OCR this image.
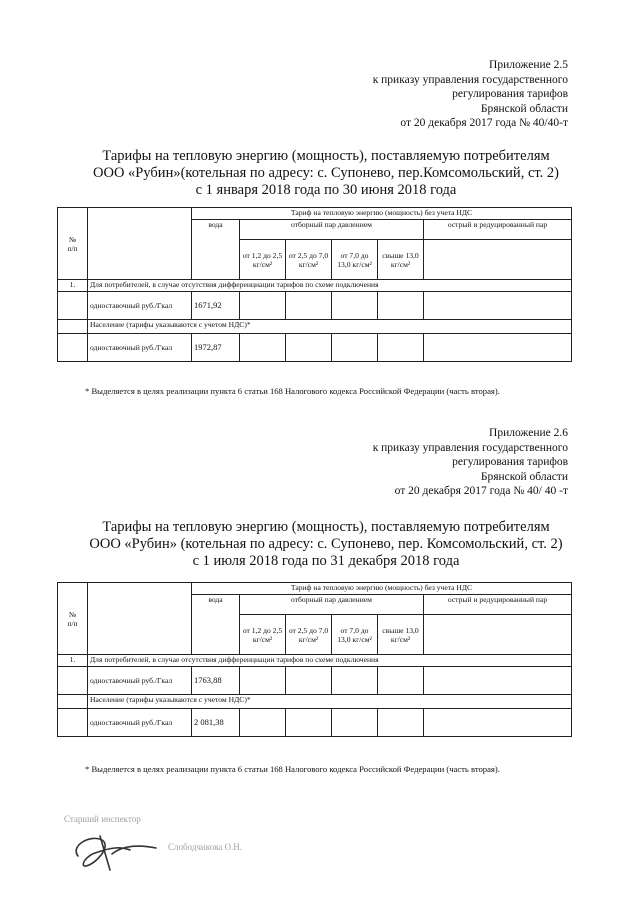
Приложение 2.5
к приказу управления государственного
регулирования тарифов
Брянской области
от 20 декабря 2017 года № 40/40-т
Тарифы на тепловую энергию (мощность), поставляемую потребителям
ООО «Рубин»(котельная по адресу: с. Супонево, пер.Комсомольский, ст. 2)
с 1 января 2018 года по 30 июня 2018 года
№
п/п		Тариф на тепловую энергию (мощность) без учета НДС					
		вода	отборный пар давлением				острый и редуцированный пар
			от 1,2 до 2,5 кг/см²	от 2,5 до 7,0 кг/см²	от 7,0 до 13,0 кг/см²	свыше 13,0 кг/см²	
1.	Для потребителей, в случае отсутствия дифференциации тарифов по схеме подключения						
	одноставочный руб./Гкал	1671,92					
	Население (тарифы указываются с учетом НДС)*						
	одноставочный руб./Гкал	1972,87					
* Выделяется в целях реализации пункта 6 статьи 168 Налогового кодекса Российской Федерации (часть вторая).
Приложение 2.6
к приказу управления государственного
регулирования тарифов
Брянской области
от 20 декабря 2017 года № 40/ 40 -т
Тарифы на тепловую энергию (мощность), поставляемую потребителям
ООО «Рубин» (котельная по адресу: с. Супонево, пер. Комсомольский, ст. 2)
с 1 июля 2018 года по 31 декабря 2018 года
№
п/п		Тариф на тепловую энергию (мощность) без учета НДС					
		вода	отборный пар давлением				острый и редуцированный пар
			от 1,2 до 2,5 кг/см²	от 2,5 до 7,0 кг/см²	от 7,0 до 13,0 кг/см²	свыше 13,0 кг/см²	
1.	Для потребителей, в случае отсутствия дифференциации тарифов по схеме подключения						
	одноставочный руб./Гкал	1763,88					
	Население (тарифы указываются с учетом НДС)*						
	одноставочный руб./Гкал	2 081,38					
* Выделяется в целях реализации пункта 6 статьи 168 Налогового кодекса Российской Федерации (часть вторая).
Старший инспектор
Слободчикова О.Н.
